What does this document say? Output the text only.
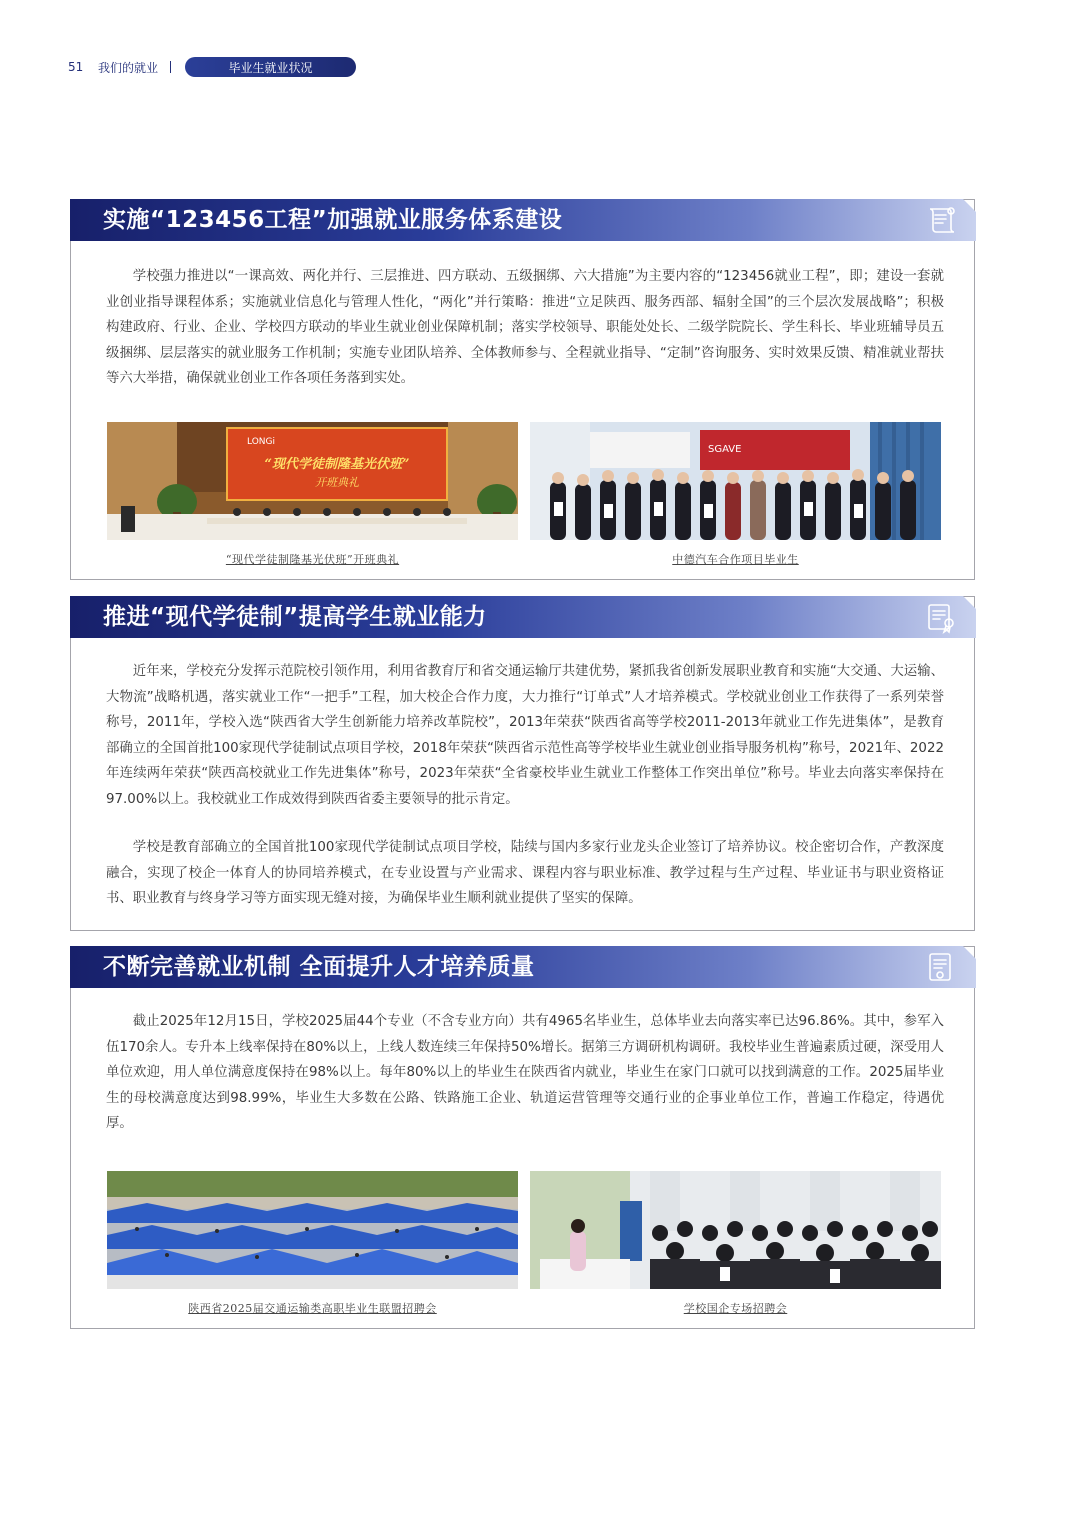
51	我们的就业	毕业生就业状况
实施“123456工程”加强就业服务体系建设

学校强力推进以“一课高效、两化并行、三层推进、四方联动、五级捆绑、六大措施”为主要内容的“123456就业工程”，即；建设一套就业创业指导课程体系；实施就业信息化与管理人性化，“两化”并行策略：推进“立足陕西、服务西部、辐射全国”的三个层次发展战略”；积极构建政府、行业、企业、学校四方联动的毕业生就业创业保障机制；落实学校领导、职能处处长、二级学院院长、学生科长、毕业班辅导员五级捆绑、层层落实的就业服务工作机制；实施专业团队培养、全体教师参与、全程就业指导、“定制”咨询服务、实时效果反馈、精准就业帮扶等六大举措，确保就业创业工作各项任务落到实处。

LONGi
“现代学徒制隆基光伏班”
开班典礼
SGAVE
“现代学徒制隆基光伏班”开班典礼	中德汽车合作项目毕业生
推进“现代学徒制”提高学生就业能力

近年来，学校充分发挥示范院校引领作用，利用省教育厅和省交通运输厅共建优势，紧抓我省创新发展职业教育和实施“大交通、大运输、大物流”战略机遇，落实就业工作“一把手”工程，加大校企合作力度，大力推行“订单式”人才培养模式。学校就业创业工作获得了一系列荣誉称号，2011年，学校入选“陕西省大学生创新能力培养改革院校”，2013年荣获“陕西省高等学校2011-2013年就业工作先进集体”，是教育部确立的全国首批100家现代学徒制试点项目学校，2018年荣获“陕西省示范性高等学校毕业生就业创业指导服务机构”称号，2021年、2022年连续两年荣获“陕西高校就业工作先进集体”称号，2023年荣获“全省豪校毕业生就业工作整体工作突出单位”称号。毕业去向落实率保持在97.00%以上。我校就业工作成效得到陕西省委主要领导的批示肯定。

学校是教育部确立的全国首批100家现代学徒制试点项目学校，陆续与国内多家行业龙头企业签订了培养协议。校企密切合作，产教深度融合，实现了校企一体育人的协同培养模式，在专业设置与产业需求、课程内容与职业标准、教学过程与生产过程、毕业证书与职业资格证书、职业教育与终身学习等方面实现无缝对接，为确保毕业生顺利就业提供了坚实的保障。

不断完善就业机制 全面提升人才培养质量

截止2025年12月15日，学校2025届44个专业（不含专业方向）共有4965名毕业生，总体毕业去向落实率已达96.86%。其中，参军入伍170余人。专升本上线率保持在80%以上，上线人数连续三年保持50%增长。据第三方调研机构调研。我校毕业生普遍素质过硬，深受用人单位欢迎，用人单位满意度保持在98%以上。每年80%以上的毕业生在陕西省内就业，毕业生在家门口就可以找到满意的工作。2025届毕业生的母校满意度达到98.99%，毕业生大多数在公路、铁路施工企业、轨道运营管理等交通行业的企事业单位工作，普遍工作稳定，待遇优厚。

陕西省2025届交通运输类高职毕业生联盟招聘会	学校国企专场招聘会
